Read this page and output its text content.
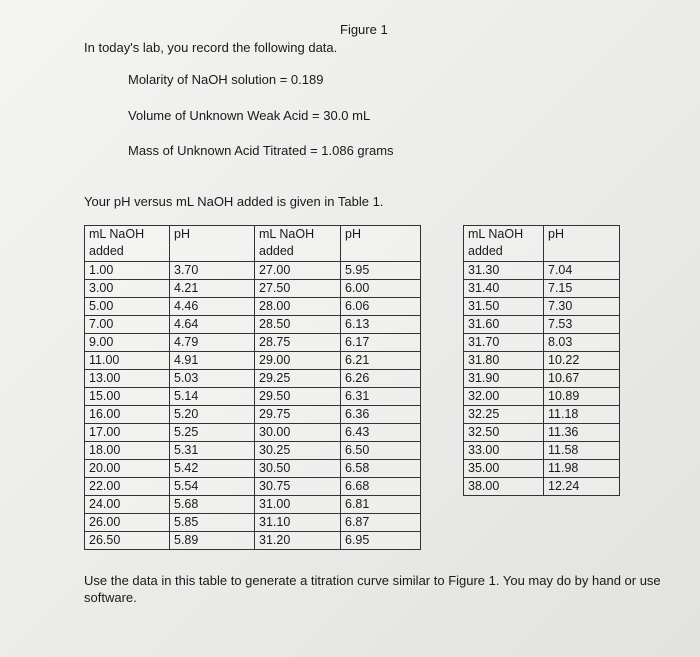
Figure 1
In today's lab, you record the following data.
Molarity of NaOH solution = 0.189
Volume of Unknown Weak Acid = 30.0 mL
Mass of Unknown Acid Titrated = 1.086 grams
Your pH versus mL NaOH added is given in Table 1.
mL NaOH
added	pH	mL NaOH
added	pH
1.00	3.70	27.00	5.95
3.00	4.21	27.50	6.00
5.00	4.46	28.00	6.06
7.00	4.64	28.50	6.13
9.00	4.79	28.75	6.17
11.00	4.91	29.00	6.21
13.00	5.03	29.25	6.26
15.00	5.14	29.50	6.31
16.00	5.20	29.75	6.36
17.00	5.25	30.00	6.43
18.00	5.31	30.25	6.50
20.00	5.42	30.50	6.58
22.00	5.54	30.75	6.68
24.00	5.68	31.00	6.81
26.00	5.85	31.10	6.87
26.50	5.89	31.20	6.95
mL NaOH
added	pH
31.30	7.04
31.40	7.15
31.50	7.30
31.60	7.53
31.70	8.03
31.80	10.22
31.90	10.67
32.00	10.89
32.25	11.18
32.50	11.36
33.00	11.58
35.00	11.98
38.00	12.24
Use the data in this table to generate a titration curve similar to Figure 1. You may do by hand or use software.
